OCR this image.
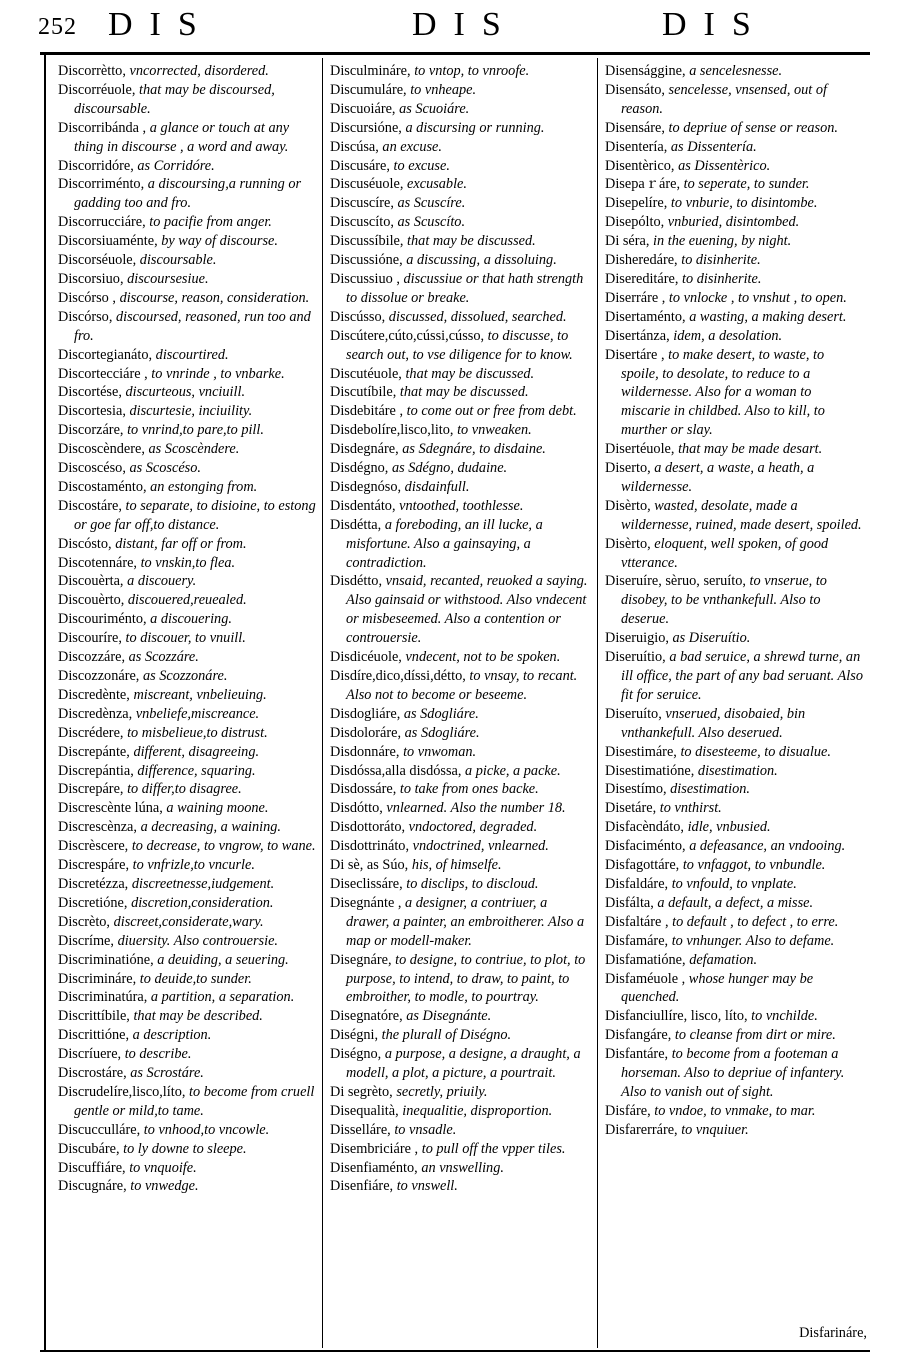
252 DIS	DIS	DIS
Discorrètto, vncorrected, disordered.
Discorréuole, that may be discoursed, discoursable.
Discorribánda , a glance or touch at any thing in discourse , a word and away.
Discorridóre, as Corridóre.
Discorriménto, a discoursing,a running or gadding too and fro.
Discorrucciáre, to pacifie from anger.
Discorsiuaménte, by way of discourse.
Discorséuole, discoursable.
Discorsiuo, discoursesiue.
Discórso , discourse, reason, consideration.
Discórso, discoursed, reasoned, run too and fro.
Discortegianáto, discourtired.
Discortecciáre , to vnrinde , to vnbarke.
Discortése, discurteous, vnciuill.
Discortesia, discurtesie, inciuility.
Discorzáre, to vnrind,to pare,to pill.
Discoscèndere, as Scoscèndere.
Discoscéso, as Scoscéso.
Discostaménto, an estonging from.
Discostáre, to separate, to disioine, to estong or goe far off,to distance.
Discósto, distant, far off or from.
Discotennáre, to vnskin,to flea.
Discouèrta, a discouery.
Discouèrto, discouered,reuealed.
Discouriménto, a discouering.
Discouríre, to discouer, to vnuill.
Discozzáre, as Scozzáre.
Discozzonáre, as Scozzonáre.
Discredènte, miscreant, vnbelieuing.
Discredènza, vnbeliefe,miscreance.
Discrédere, to misbelieue,to distrust.
Discrepánte, different, disagreeing.
Discrepántia, difference, squaring.
Discrepáre, to differ,to disagree.
Discrescènte lúna, a waining moone.
Discrescènza, a decreasing, a waining.
Discrèscere, to decrease, to vngrow, to wane.
Discrespáre, to vnfrizle,to vncurle.
Discretézza, discreetnesse,iudgement.
Discretióne, discretion,consideration.
Discrèto, discreet,considerate,wary.
Discríme, diuersity. Also controuersie.
Discriminatióne, a deuiding, a seuering.
Discrimináre, to deuide,to sunder.
Discriminatúra, a partition, a separation.
Discrittíbile, that may be described.
Discrittióne, a description.
Discríuere, to describe.
Discrostáre, as Scrostáre.
Discrudelíre,lisco,líto, to become from cruell gentle or mild,to tame.
Discucculláre, to vnhood,to vncowle.
Discubáre, to ly downe to sleepe.
Discuffiáre, to vnquoife.
Discugnáre, to vnwedge.
Disculmináre, to vntop, to vnroofe.
Discumuláre, to vnheape.
Discuoiáre, as Scuoiáre.
Discursióne, a discursing or running.
Discúsa, an excuse.
Discusáre, to excuse.
Discuséuole, excusable.
Discuscíre, as Scuscíre.
Discuscíto, as Scuscíto.
Discussíbile, that may be discussed.
Discussióne, a discussing, a dissoluing.
Discussiuo , discussiue or that hath strength to dissolue or breake.
Discússo, discussed, dissolued, searched.
Discútere,cúto,cússi,cússo, to discusse, to search out, to vse diligence for to know.
Discutéuole, that may be discussed.
Discutíbile, that may be discussed.
Disdebitáre , to come out or free from debt.
Disdebolíre,lisco,lito, to vnweaken.
Disdegnáre, as Sdegnáre, to disdaine.
Disdégno, as Sdégno, dudaine.
Disdegnóso, disdainfull.
Disdentáto, vntoothed, toothlesse.
Disdétta, a foreboding, an ill lucke, a misfortune. Also a gainsaying, a contradiction.
Disdétto, vnsaid, recanted, reuoked a saying. Also gainsaid or withstood. Also vndecent or misbeseemed. Also a contention or controuersie.
Disdicéuole, vndecent, not to be spoken.
Disdíre,dico,díssi,détto, to vnsay, to recant. Also not to become or beseeme.
Disdogliáre, as Sdogliáre.
Disdoloráre, as Sdogliáre.
Disdonnáre, to vnwoman.
Disdóssa,alla disdóssa, a picke, a packe.
Disdossáre, to take from ones backe.
Disdótto, vnlearned. Also the number 18.
Disdottoráto, vndoctored, degraded.
Disdottrináto, vndoctrined, vnlearned.
Di sè, as Súo, his, of himselfe.
Diseclissáre, to disclips, to discloud.
Disegnánte , a designer, a contriuer, a drawer, a painter, an embroitherer. Also a map or modell-maker.
Disegnáre, to designe, to contriue, to plot, to purpose, to intend, to draw, to paint, to embroither, to modle, to pourtray.
Disegnatóre, as Disegnánte.
Diségni, the plurall of Diségno.
Diségno, a purpose, a designe, a draught, a modell, a plot, a picture, a pourtrait.
Di segrèto, secretly, priuily.
Disequalità, inequalitie, disproportion.
Disselláre, to vnsadle.
Disembriciáre , to pull off the vpper tiles.
Disenfiaménto, an vnswelling.
Disenfiáre, to vnswell.
Disensággine, a sencelesnesse.
Disensáto, sencelesse, vnsensed, out of reason.
Disensáre, to depriue of sense or reason.
Disentería, as Dissentería.
Disentèrico, as Dissentèrico.
Disepaｒáre, to seperate, to sunder.
Disepelíre, to vnburie, to disintombe.
Disepólto, vnburied, disintombed.
Di séra, in the euening, by night.
Disheredáre, to disinherite.
Disereditáre, to disinherite.
Diserráre , to vnlocke , to vnshut , to open.
Disertaménto, a wasting, a making desert.
Disertánza, idem, a desolation.
Disertáre , to make desert, to waste, to spoile, to desolate, to reduce to a wildernesse. Also for a woman to miscarie in childbed. Also to kill, to murther or slay.
Disertéuole, that may be made desart.
Diserto, a desert, a waste, a heath, a wildernesse.
Disèrto, wasted, desolate, made a wildernesse, ruined, made desert, spoiled.
Disèrto, eloquent, well spoken, of good vtterance.
Diseruíre, sèruo, seruíto, to vnserue, to disobey, to be vnthankefull. Also to deserue.
Diseruigio, as Diseruítio.
Diseruítio, a bad seruice, a shrewd turne, an ill office, the part of any bad seruant. Also fit for seruice.
Diseruíto, vnserued, disobaied, bin vnthankefull. Also deserued.
Disestimáre, to disesteeme, to disualue.
Disestimatióne, disestimation.
Disestímo, disestimation.
Disetáre, to vnthirst.
Disfacèndáto, idle, vnbusied.
Disfaciménto, a defeasance, an vndooing.
Disfagottáre, to vnfaggot, to vnbundle.
Disfaldáre, to vnfould, to vnplate.
Disfálta, a default, a defect, a misse.
Disfaltáre , to default , to defect , to erre.
Disfamáre, to vnhunger. Also to defame.
Disfamatióne, defamation.
Disfaméuole , whose hunger may be quenched.
Disfanciullíre, lisco, líto, to vnchilde.
Disfangáre, to cleanse from dirt or mire.
Disfantáre, to become from a footeman a horseman. Also to depriue of infantery. Also to vanish out of sight.
Disfáre, to vndoe, to vnmake, to mar.
Disfarerráre, to vnquiuer.
Disfarináre,
